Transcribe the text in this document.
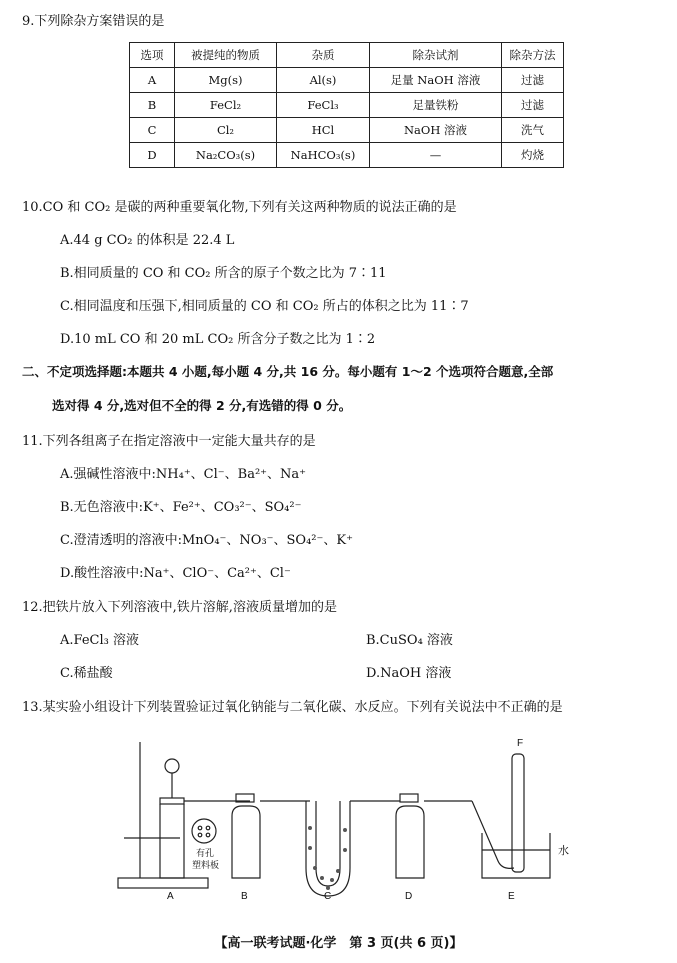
9.下列除杂方案错误的是
选项	被提纯的物质	杂质	除杂试剂	除杂方法
A	Mg(s)	Al(s)	足量 NaOH 溶液	过滤
B	FeCl₂	FeCl₃	足量铁粉	过滤
C	Cl₂	HCl	NaOH 溶液	洗气
D	Na₂CO₃(s)	NaHCO₃(s)	—	灼烧
10.CO 和 CO₂ 是碳的两种重要氧化物,下列有关这两种物质的说法正确的是
A.44 g CO₂ 的体积是 22.4 L
B.相同质量的 CO 和 CO₂ 所含的原子个数之比为 7∶11
C.相同温度和压强下,相同质量的 CO 和 CO₂ 所占的体积之比为 11∶7
D.10 mL CO 和 20 mL CO₂ 所含分子数之比为 1∶2
二、不定项选择题:本题共 4 小题,每小题 4 分,共 16 分。每小题有 1～2 个选项符合题意,全部
选对得 4 分,选对但不全的得 2 分,有选错的得 0 分。
11.下列各组离子在指定溶液中一定能大量共存的是
A.强碱性溶液中:NH₄⁺、Cl⁻、Ba²⁺、Na⁺
B.无色溶液中:K⁺、Fe²⁺、CO₃²⁻、SO₄²⁻
C.澄清透明的溶液中:MnO₄⁻、NO₃⁻、SO₄²⁻、K⁺
D.酸性溶液中:Na⁺、ClO⁻、Ca²⁺、Cl⁻
12.把铁片放入下列溶液中,铁片溶解,溶液质量增加的是
A.FeCl₃ 溶液	B.CuSO₄ 溶液
C.稀盐酸	D.NaOH 溶液
13.某实验小组设计下列装置验证过氧化钠能与二氧化碳、水反应。下列有关说法中不正确的是
A	B	C	D	E
F
水
有孔
塑料板
【高一联考试题·化学　第 3 页(共 6 页)】
